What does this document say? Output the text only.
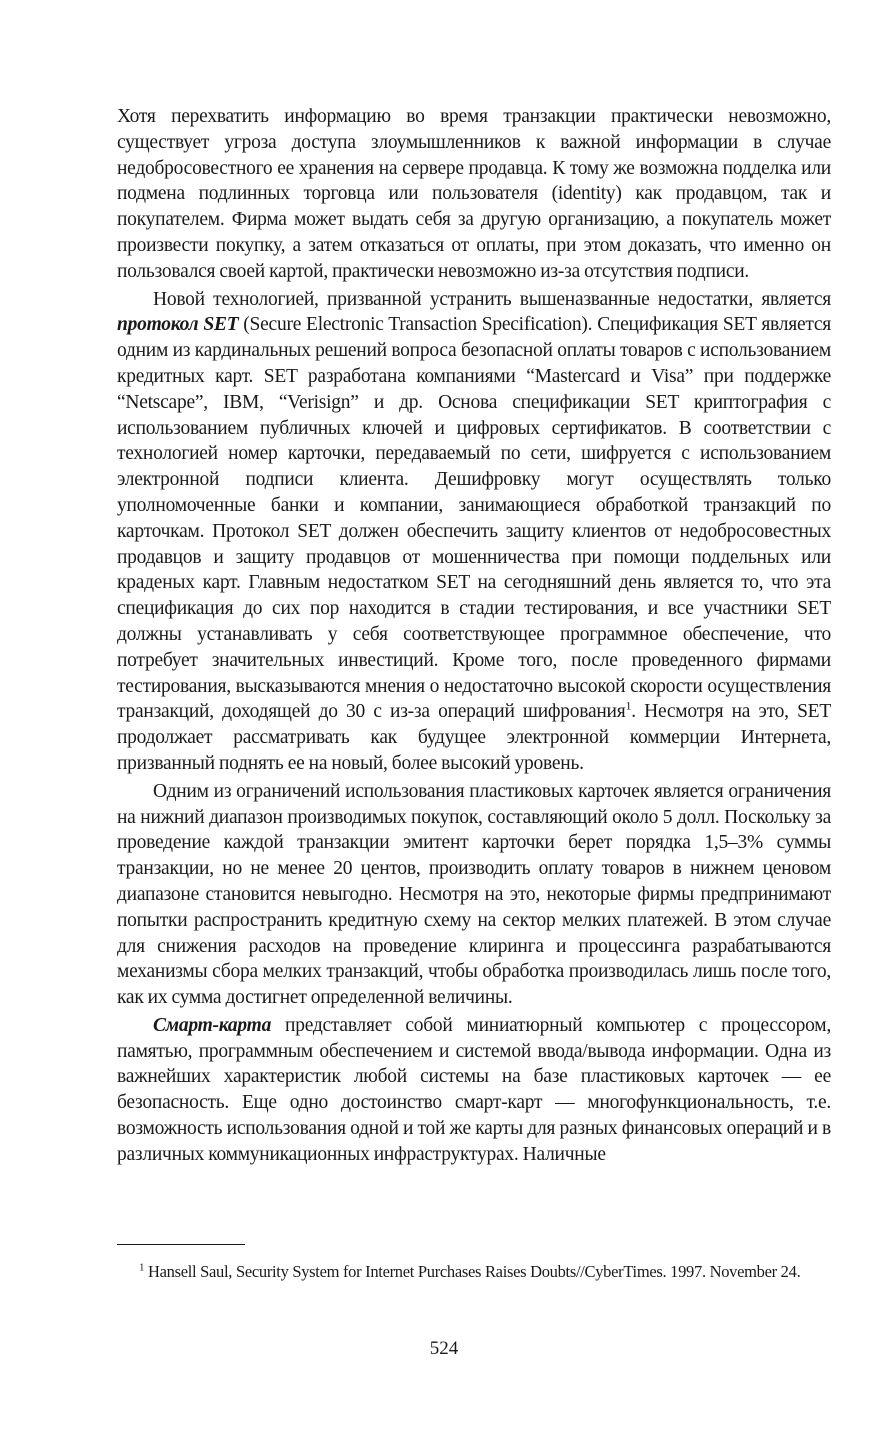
Хотя перехватить информацию во время транзакции практически невозможно, существует угроза доступа злоумышленников к важной информации в случае недобросовестного ее хранения на сервере продавца. К тому же возможна подделка или подмена подлинных торговца или пользователя (identity) как продавцом, так и покупателем. Фирма может выдать себя за другую организацию, а покупатель может произвести покупку, а затем отказаться от оплаты, при этом доказать, что именно он пользовался своей картой, практически невозможно из-за отсутствия подписи.

Новой технологией, призванной устранить вышеназванные недостатки, является протокол SET (Secure Electronic Transaction Specification). Спецификация SET является одним из кардинальных решений вопроса безопасной оплаты товаров с использованием кредитных карт. SET разработана компаниями “Mastercard и Visa” при поддержке “Netscape”, IBM, “Verisign” и др. Основа спецификации SET криптография с использованием публичных ключей и цифровых сертификатов. В соответствии с технологией номер карточки, передаваемый по сети, шифруется с использованием электронной подписи клиента. Дешифровку могут осуществлять только уполномоченные банки и компании, занимающиеся обработкой транзакций по карточкам. Протокол SET должен обеспечить защиту клиентов от недобросовестных продавцов и защиту продавцов от мошенничества при помощи поддельных или краденых карт. Главным недостатком SET на сегодняшний день является то, что эта спецификация до сих пор находится в стадии тестирования, и все участники SET должны устанавливать у себя соответствующее программное обеспечение, что потребует значительных инвестиций. Кроме того, после проведенного фирмами тестирования, высказываются мнения о недостаточно высокой скорости осуществления транзакций, доходящей до 30 с из-за операций шифрования$^1$. Несмотря на это, SET продолжает рассматривать как будущее электронной коммерции Интернета, призванный поднять ее на новый, более высокий уровень.

Одним из ограничений использования пластиковых карточек является ограничения на нижний диапазон производимых покупок, составляющий около 5 долл. Поскольку за проведение каждой транзакции эмитент карточки берет порядка 1,5–3% суммы транзакции, но не менее 20 центов, производить оплату товаров в нижнем ценовом диапазоне становится невыгодно. Несмотря на это, некоторые фирмы предпринимают попытки распространить кредитную схему на сектор мелких платежей. В этом случае для снижения расходов на проведение клиринга и процессинга разрабатываются механизмы сбора мелких транзакций, чтобы обработка производилась лишь после того, как их сумма достигнет определенной величины.

Смарт-карта представляет собой миниатюрный компьютер с процессором, памятью, программным обеспечением и системой ввода/вывода информации. Одна из важнейших характеристик любой системы на базе пластиковых карточек — ее безопасность. Еще одно достоинство смарт-карт — многофункциональность, т.е. возможность использования одной и той же карты для разных финансовых операций и в различных коммуникационных инфраструктурах. Наличные

$^1$ Hansell Saul, Security System for Internet Purchases Raises Doubts//CyberTimes. 1997. November 24.

524
